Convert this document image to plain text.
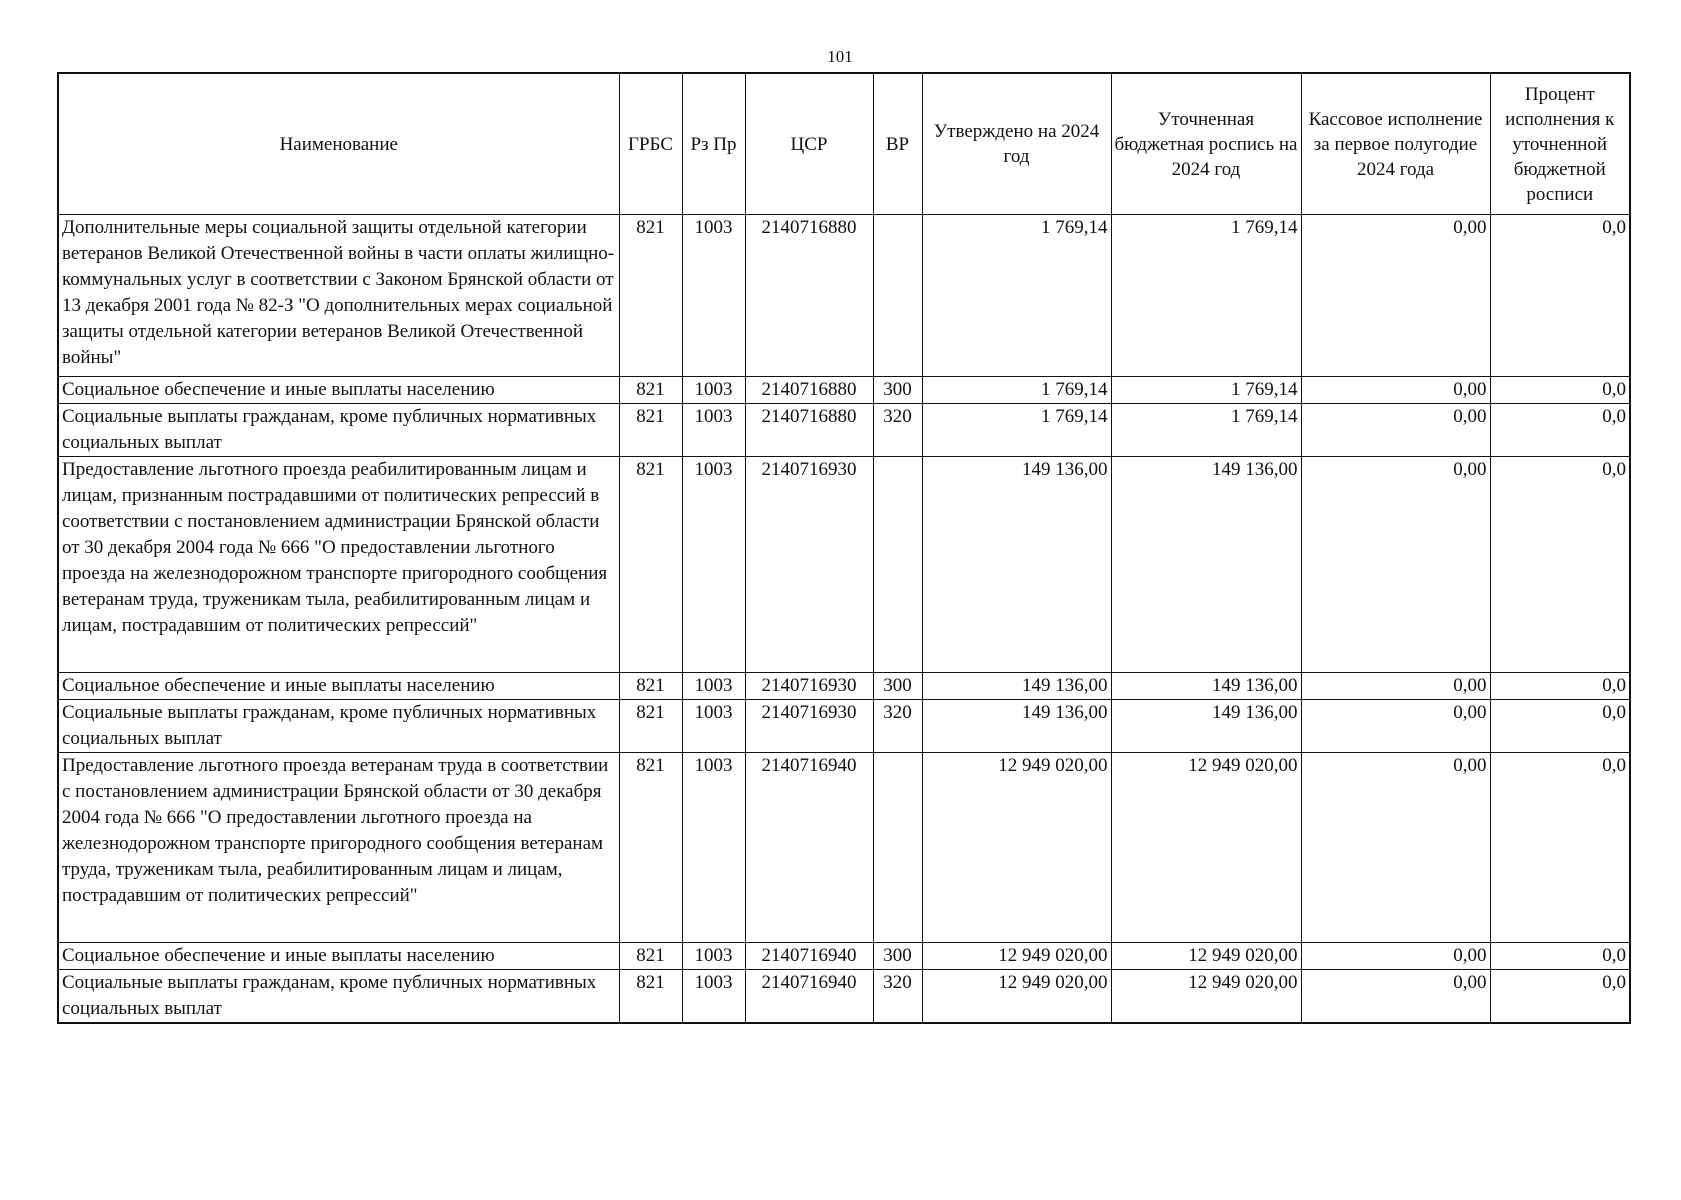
101
Наименование	ГРБС	Рз Пр	ЦСР	ВР	Утверждено на 2024 год	Уточненная бюджетная роспись на 2024 год	Кассовое исполнение за первое полугодие 2024 года	Процент исполнения к уточненной бюджетной росписи
Дополнительные меры социальной защиты отдельной категории ветеранов Великой Отечественной войны в части оплаты жилищно-коммунальных услуг в соответствии с Законом Брянской области от 13 декабря 2001 года № 82-З "О дополнительных мерах социальной защиты отдельной категории ветеранов Великой Отечественной войны"	821	1003	2140716880		1 769,14	1 769,14	0,00	0,0
Социальное обеспечение и иные выплаты населению	821	1003	2140716880	300	1 769,14	1 769,14	0,00	0,0
Социальные выплаты гражданам, кроме публичных нормативных социальных выплат	821	1003	2140716880	320	1 769,14	1 769,14	0,00	0,0
Предоставление льготного проезда реабилитированным лицам и лицам, признанным пострадавшими от политических репрессий в соответствии с постановлением администрации Брянской области от 30 декабря 2004 года № 666 "О предоставлении льготного проезда на железнодорожном транспорте пригородного сообщения ветеранам труда, труженикам тыла, реабилитированным лицам и лицам, пострадавшим от политических репрессий"	821	1003	2140716930		149 136,00	149 136,00	0,00	0,0
Социальное обеспечение и иные выплаты населению	821	1003	2140716930	300	149 136,00	149 136,00	0,00	0,0
Социальные выплаты гражданам, кроме публичных нормативных социальных выплат	821	1003	2140716930	320	149 136,00	149 136,00	0,00	0,0
Предоставление льготного проезда ветеранам труда в соответствии с постановлением администрации Брянской области от 30 декабря 2004 года № 666 "О предоставлении льготного проезда на железнодорожном транспорте пригородного сообщения ветеранам труда, труженикам тыла, реабилитированным лицам и лицам, пострадавшим от политических репрессий"	821	1003	2140716940		12 949 020,00	12 949 020,00	0,00	0,0
Социальное обеспечение и иные выплаты населению	821	1003	2140716940	300	12 949 020,00	12 949 020,00	0,00	0,0
Социальные выплаты гражданам, кроме публичных нормативных социальных выплат	821	1003	2140716940	320	12 949 020,00	12 949 020,00	0,00	0,0
